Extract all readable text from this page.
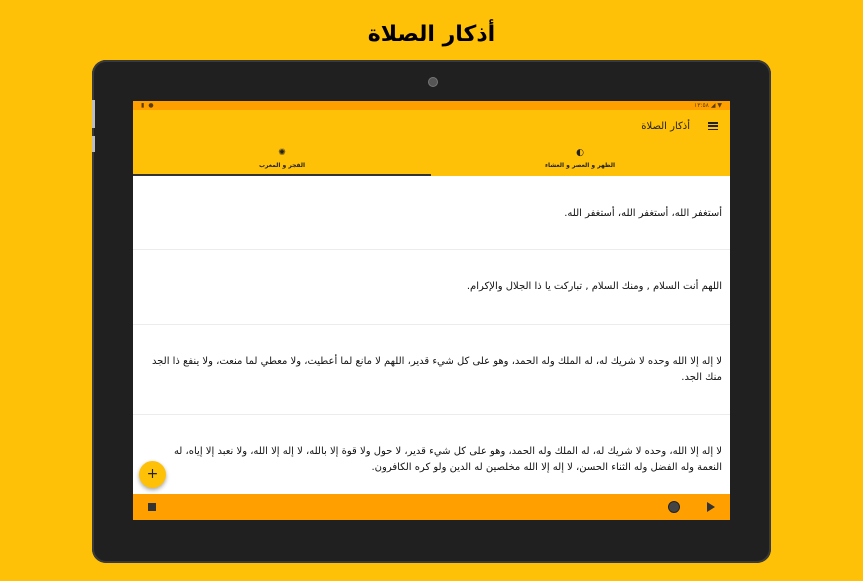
أذكار الصلاة
▮ ●	١٣:٥٨ ◢ ▼
أذكار الصلاة
✺
الفجر و المغرب
◐
الظهر و العصر و العشاء
أستغفر الله، أستغفر الله، أستغفر الله.
اللهم أنت السلام , ومنك السلام , تباركت يا ذا الجلال والإكرام.
لا إله إلا الله وحده لا شريك له، له الملك وله الحمد، وهو على كل شيء قدير، اللهم لا مانع لما أعطيت، ولا معطي لما منعت، ولا ينفع ذا الجد منك الجد.
لا إله إلا الله، وحده لا شريك له، له الملك وله الحمد، وهو على كل شيء قدير، لا حول ولا قوة إلا بالله، لا إله إلا الله، ولا نعبد إلا إياه، له النعمة وله الفضل وله الثناء الحسن، لا إله إلا الله مخلصين له الدين ولو كره الكافرون.
+
